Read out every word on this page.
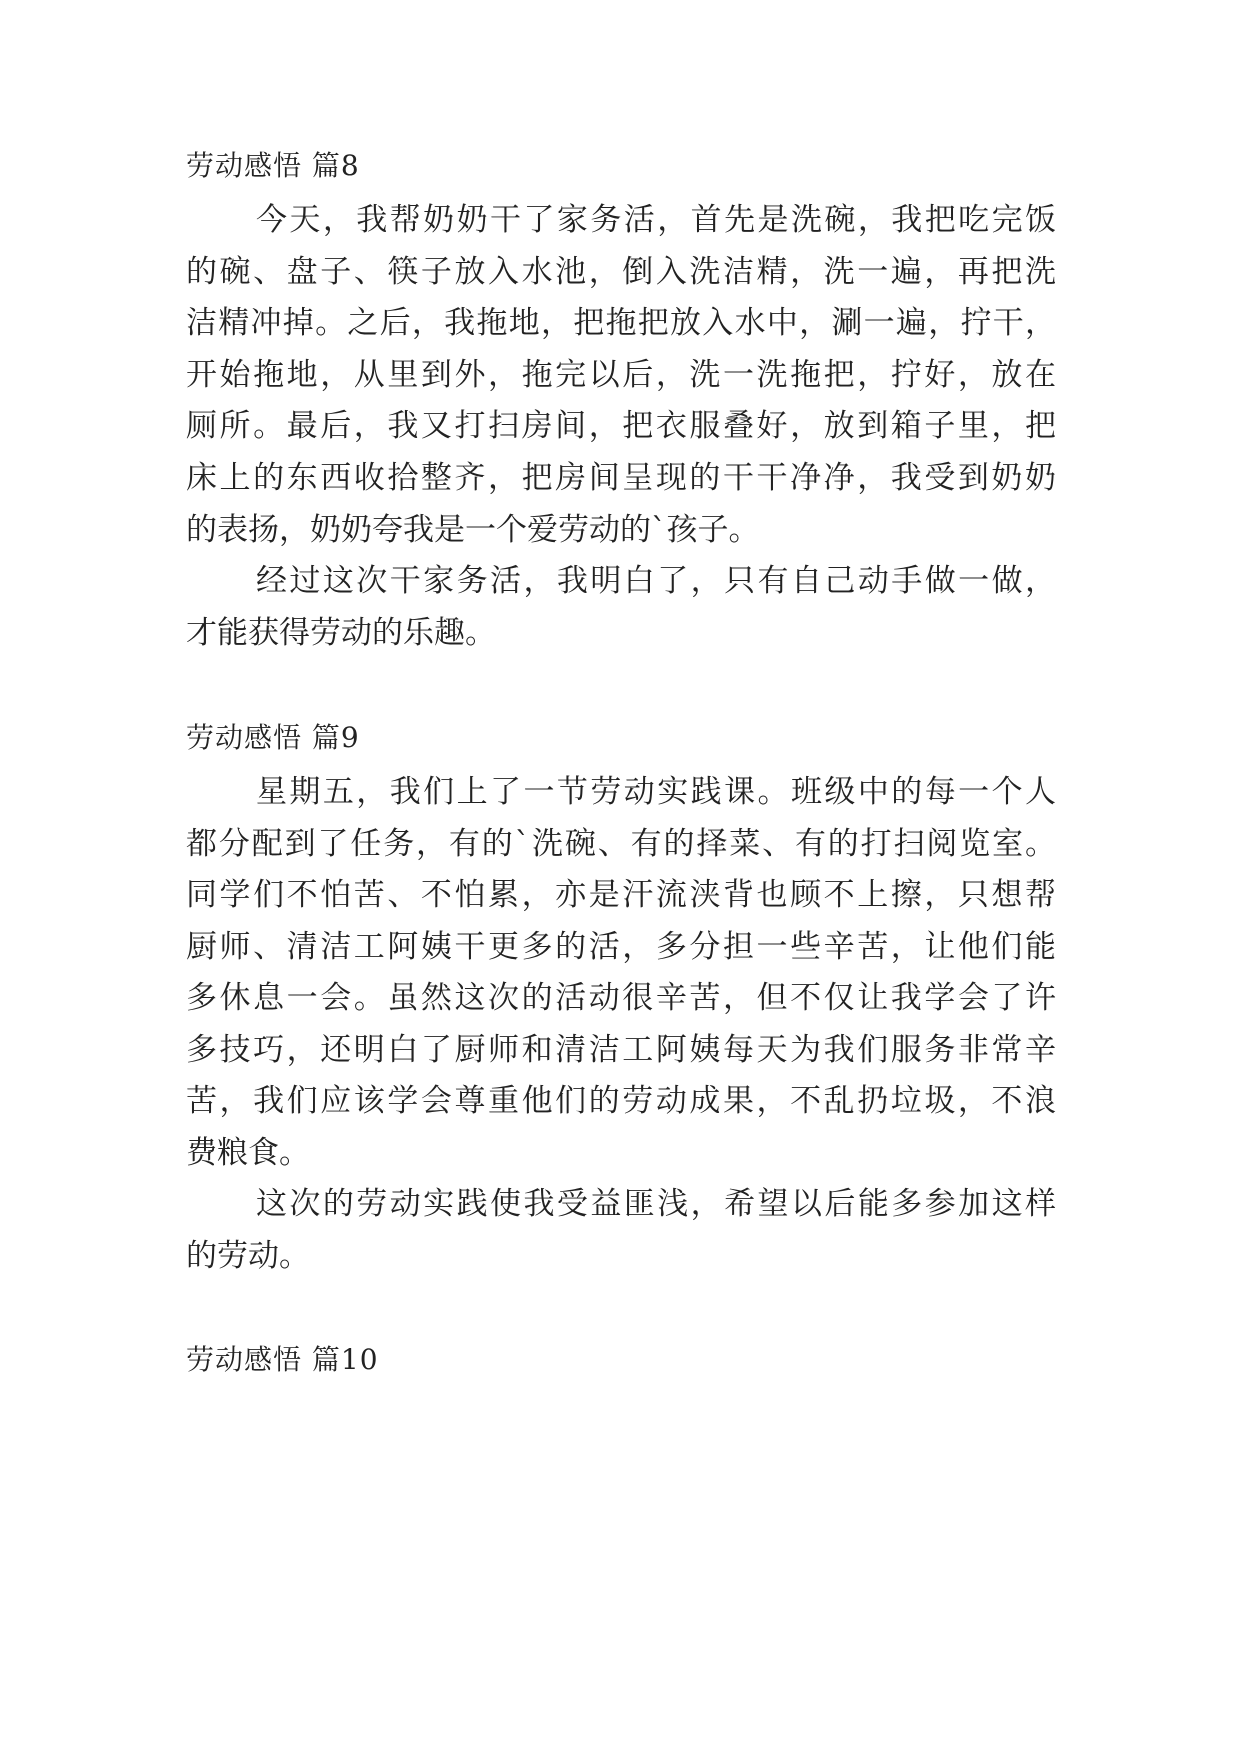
劳动感悟 篇8
今天，我帮奶奶干了家务活，首先是洗碗，我把吃完饭
的碗、盘子、筷子放入水池，倒入洗洁精，洗一遍，再把洗
洁精冲掉。之后，我拖地，把拖把放入水中，涮一遍，拧干，
开始拖地，从里到外，拖完以后，洗一洗拖把，拧好，放在
厕所。最后，我又打扫房间，把衣服叠好，放到箱子里，把
床上的东西收拾整齐，把房间呈现的干干净净，我受到奶奶
的表扬，奶奶夸我是一个爱劳动的`孩子。
经过这次干家务活，我明白了，只有自己动手做一做，
才能获得劳动的乐趣。
劳动感悟 篇9
星期五，我们上了一节劳动实践课。班级中的每一个人
都分配到了任务，有的`洗碗、有的择菜、有的打扫阅览室。
同学们不怕苦、不怕累，亦是汗流浃背也顾不上擦，只想帮
厨师、清洁工阿姨干更多的活，多分担一些辛苦，让他们能
多休息一会。虽然这次的活动很辛苦，但不仅让我学会了许
多技巧，还明白了厨师和清洁工阿姨每天为我们服务非常辛
苦，我们应该学会尊重他们的劳动成果，不乱扔垃圾，不浪
费粮食。
这次的劳动实践使我受益匪浅，希望以后能多参加这样
的劳动。
劳动感悟 篇10
